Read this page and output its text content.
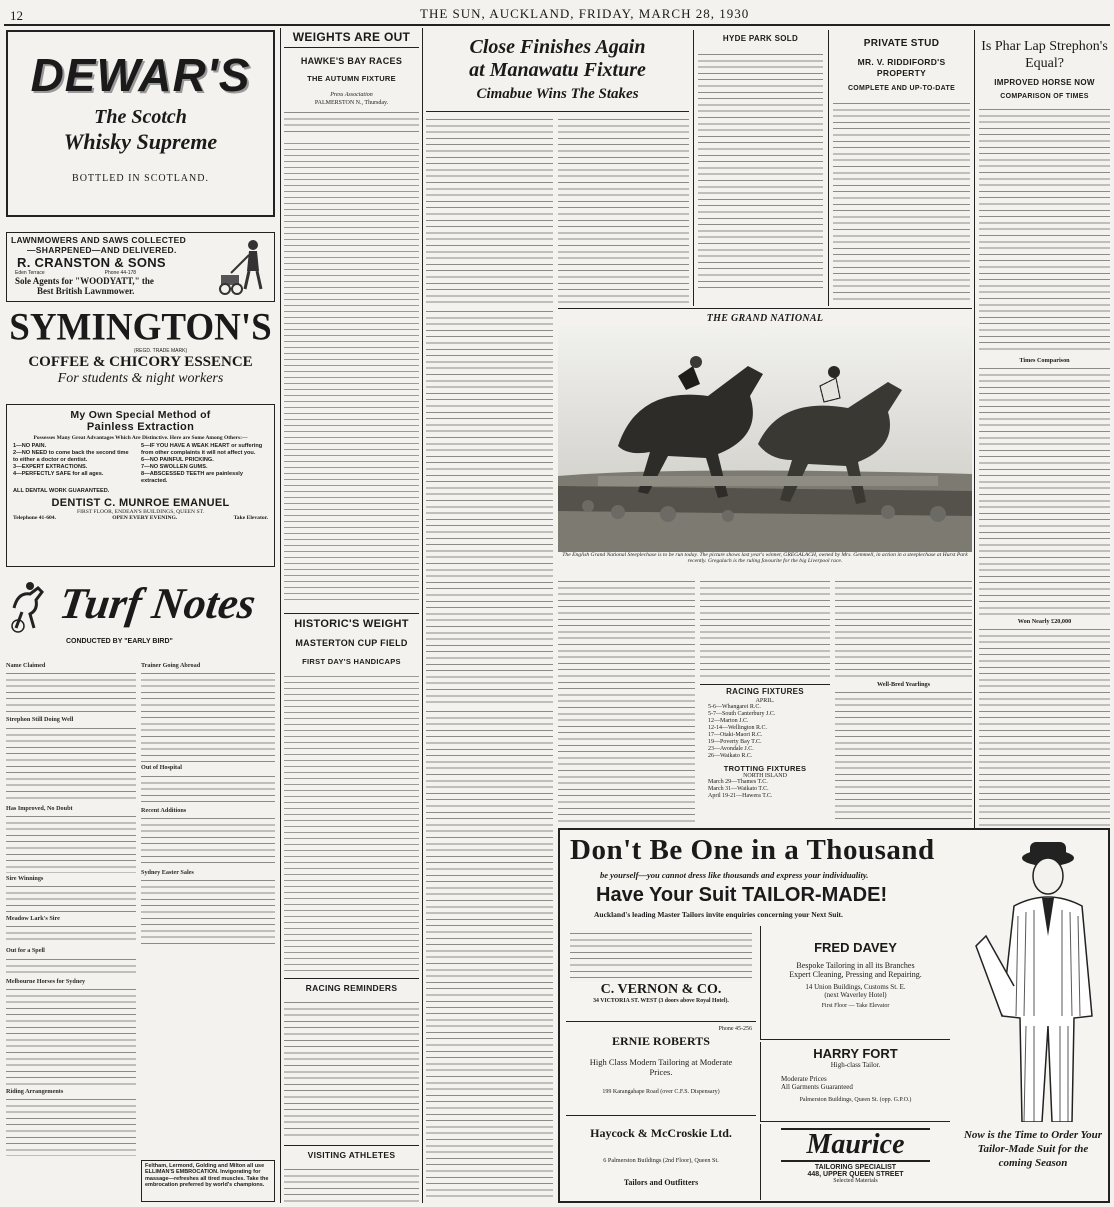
12	THE SUN, AUCKLAND, FRIDAY, MARCH 28, 1930
DEWAR'S
The Scotch
Whisky Supreme
BOTTLED IN SCOTLAND.
LAWNMOWERS AND SAWS COLLECTED
—SHARPENED—AND DELIVERED.
R. CRANSTON & SONS
Eden Terrace	Phone 44-178
Sole Agents for "WOODYATT," the
Best British Lawnmower.
SYMINGTON'S
(REGD. TRADE MARK)
COFFEE & CHICORY ESSENCE
For students & night workers
My Own Special Method of
Painless Extraction
Possesses Many Great Advantages Which Are Distinctive. Here are Some Among Others:—
1—NO PAIN.
2—NO NEED to come back the second time to either a doctor or dentist.
3—EXPERT EXTRACTIONS.
4—PERFECTLY SAFE for all ages.
5—IF YOU HAVE A WEAK HEART or suffering from other complaints it will not affect you.
6—NO PAINFUL PRICKING.
7—NO SWOLLEN GUMS.
8—ABSCESSED TEETH are painlessly extracted.
ALL DENTAL WORK GUARANTEED.
DENTIST C. MUNROE EMANUEL
FIRST FLOOR, ENDEAN'S BUILDINGS, QUEEN ST.
Telephone 41-604.	OPEN EVERY EVENING.	Take Elevator.
Turf Notes
CONDUCTED BY "EARLY BIRD"
Name Claimed
Strephon Still Doing Well
Has Improved, No Doubt
Sire Winnings
Meadow Lark's Sire
Out for a Spell
Melbourne Horses for Sydney
Riding Arrangements
Trainer Going Abroad
Out of Hospital
Recent Additions
Sydney Easter Sales
Feltham, Lermond, Golding and Milton all use ELLIMAN'S EMBROCATION. Invigorating for massage—refreshes all tired muscles. Take the embrocation preferred by world's champions.
WEIGHTS ARE OUT
HAWKE'S BAY RACES
THE AUTUMN FIXTURE
Press Association
PALMERSTON N., Thursday.
HISTORIC'S WEIGHT
MASTERTON CUP FIELD
FIRST DAY'S HANDICAPS
Close Finishes Again
at Manawatu Fixture
Cimabue Wins The Stakes
HYDE PARK SOLD	PRIVATE STUD
MR. V. RIDDIFORD'S PROPERTY
COMPLETE AND UP-TO-DATE
Is Phar Lap Strephon's Equal?
IMPROVED HORSE NOW
COMPARISON OF TIMES
Times Comparison
Won Nearly £20,000
THE GRAND NATIONAL
The English Grand National Steeplechase is to be run today. The picture shows last year's winner, GREGALACH, owned by Mrs. Gemmell, in action in a steeplechase at Hurst Park recently. Gregalach is the ruling favourite for the big Liverpool race.
RACING FIXTURES
APRIL.
5-6—Whangarei R.C.
5-7—South Canterbury J.C.
12—Marton J.C.
12-14—Wellington R.C.
17—Otaki-Maori R.C.
19—Poverty Bay T.C.
23—Avondale J.C.
26—Waikato R.C.
TROTTING FIXTURES
NORTH ISLAND
March 29—Thames T.C.
March 31—Waikato T.C.
April 19-21—Hawera T.C.
Well-Bred Yearlings
Don't Be One in a Thousand
be yourself—you cannot dress like thousands and express your individuality.
Have Your Suit TAILOR-MADE!
Auckland's leading Master Tailors invite enquiries concerning your Next Suit.
C. VERNON & CO.
34 VICTORIA ST. WEST (3 doors above Royal Hotel).
Phone 45-256
ERNIE ROBERTS
High Class Modern Tailoring at Moderate Prices.
199 Karangahape Road (over C.F.S. Dispensary)
Haycock & McCroskie Ltd.
6 Palmerston Buildings (2nd Floor), Queen St.
Tailors and Outfitters
FRED DAVEY
Bespoke Tailoring in all its Branches
Expert Cleaning, Pressing and Repairing.
14 Union Buildings, Customs St. E.
(next Waverley Hotel)
First Floor — Take Elevator
HARRY FORT
High-class Tailor.
Moderate Prices
All Garments Guaranteed
Palmerston Buildings, Queen St. (opp. G.P.O.)
Maurice
TAILORING SPECIALIST
448, UPPER QUEEN STREET
Selected Materials
Now is the Time to Order Your Tailor-Made Suit for the coming Season
RACING REMINDERS
VISITING ATHLETES
